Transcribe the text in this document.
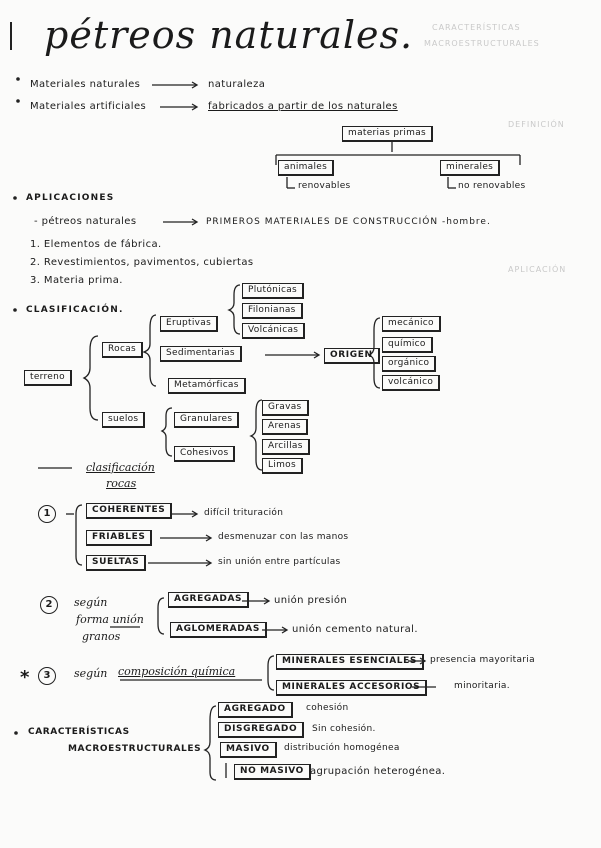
pétreos naturales. CARACTERÍSTICAS
MACROESTRUCTURALES
DEFINICIÓN
APLICACIÓN
Materiales naturales	naturaleza
Materiales artificiales	fabricados a partir de los naturales
materias primas
animales	minerales
renovables	no renovables
APLICACIONES
- pétreos naturales	PRIMEROS MATERIALES DE CONSTRUCCIÓN -hombre.
1. Elementos de fábrica.
2. Revestimientos, pavimentos, cubiertas
3. Materia prima.
CLASIFICACIÓN.
terreno
Rocas
suelos
Eruptivas
Sedimentarias
Metamórficas
Plutónicas
Filonianas
Volcánicas
ORIGEN
mecánico
químico
orgánico
volcánico
Granulares
Cohesivos
Gravas
Arenas
Arcillas
Limos
clasificación
rocas
1	COHERENTES	difícil trituración
FRIABLES	desmenuzar con las manos
SUELTAS	sin unión entre partículas
2	según
forma unión
granos
AGREGADAS	unión presión
AGLOMERADAS	unión cemento natural.
*	3	según composición química
MINERALES ESENCIALES	presencia mayoritaria
MINERALES ACCESORIOS	minoritaria.
CARACTERÍSTICAS
MACROESTRUCTURALES
AGREGADO	cohesión
DISGREGADO	Sin cohesión.
MASIVO	distribución homogénea
NO MASIVO agrupación heterogénea.
